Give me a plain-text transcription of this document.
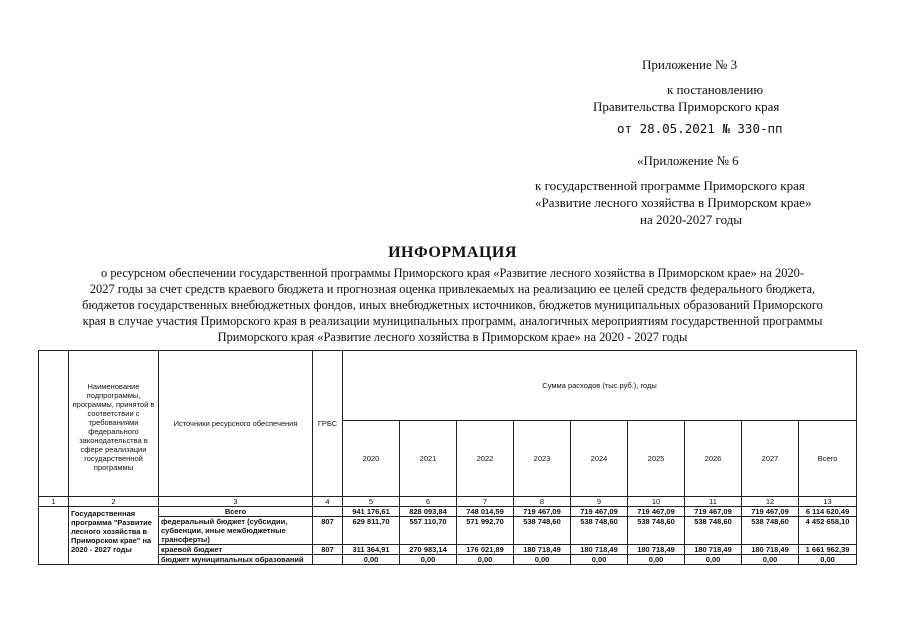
Приложение № 3
к постановлению
Правительства Приморского края
от 28.05.2021 № 330-пп
«Приложение № 6
к государственной программе Приморского края
«Развитие лесного хозяйства в Приморском крае»
на 2020-2027 годы
ИНФОРМАЦИЯ
о ресурсном обеспечении государственной программы Приморского края «Развитие лесного хозяйства в Приморском крае» на 2020-
2027 годы за счет средств краевого бюджета и прогнозная оценка привлекаемых на реализацию ее целей средств федерального бюджета,
бюджетов государственных внебюджетных фондов, иных внебюджетных источников, бюджетов муниципальных образований Приморского
края в случае участия Приморского края в реализации муниципальных программ, аналогичных мероприятиям государственной программы
Приморского края «Развитие лесного хозяйства в Приморском крае» на 2020 - 2027 годы
	Наименование подпрограммы, программы, принятой в соответствии с требованиями федерального законодательства в сфере реализации государственной программы	Источники ресурсного обеспечения	ГРБС	Сумма расходов (тыс.руб.), годы								
				2020	2021	2022	2023	2024	2025	2026	2027	Всего
1	2	3	4	5	6	7	8	9	10	11	12	13
	Государственная программа "Развитие лесного хозяйства в Приморском крае" на 2020 - 2027 годы	Всего		941 176,61	828 093,84	748 014,59	719 467,09	719 467,09	719 467,09	719 467,09	719 467,09	6 114 620,49
		федеральный бюджет (субсидии, субвенции, иные межбюджетные трансферты)	807	629 811,70	557 110,70	571 992,70	538 748,60	538 748,60	538 748,60	538 748,60	538 748,60	4 452 658,10
		краевой бюджет	807	311 364,91	270 983,14	176 021,89	180 718,49	180 718,49	180 718,49	180 718,49	180 718,49	1 661 962,39
		бюджет муниципальных образований		0,00	0,00	0,00	0,00	0,00	0,00	0,00	0,00	0,00
